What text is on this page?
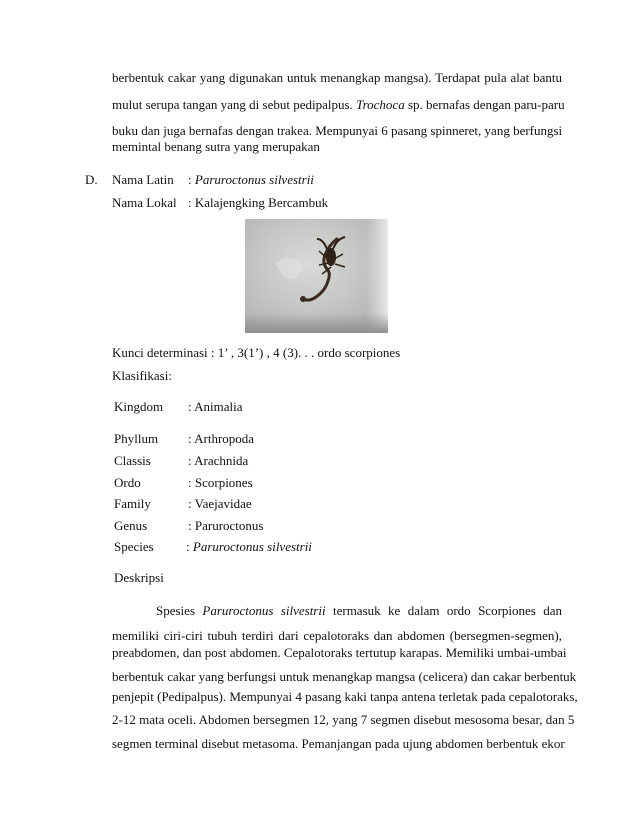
berbentuk cakar yang digunakan untuk menangkap mangsa). Terdapat pula alat bantu
mulut serupa tangan yang di sebut pedipalpus. Trochoca sp. bernafas dengan paru-paru
buku dan juga bernafas dengan trakea. Mempunyai 6 pasang spinneret, yang berfungsi
memintal benang sutra yang merupakan
D. Nama Latin : Paruroctonus silvestrii
Nama Lokal : Kalajengking Bercambuk
Kunci determinasi : 1’ , 3(1’) , 4 (3). . . ordo scorpiones
Klasifikasi:
Kingdom : Animalia
Phyllum : Arthropoda
Classis	: Arachnida
Ordo	: Scorpiones
Family	: Vaejavidae
Genus	: Paruroctonus
Species : Paruroctonus silvestrii
Deskripsi
Spesies Paruroctonus silvestrii termasuk ke dalam ordo Scorpiones dan
memiliki ciri-ciri tubuh terdiri dari cepalotoraks dan abdomen (bersegmen-segmen),
preabdomen, dan post abdomen. Cepalotoraks tertutup karapas. Memiliki umbai-umbai
berbentuk cakar yang berfungsi untuk menangkap mangsa (celicera) dan cakar berbentuk
penjepit (Pedipalpus). Mempunyai 4 pasang kaki tanpa antena terletak pada cepalotoraks,
2-12 mata oceli. Abdomen bersegmen 12, yang 7 segmen disebut mesosoma besar, dan 5
segmen terminal disebut metasoma. Pemanjangan pada ujung abdomen berbentuk ekor
